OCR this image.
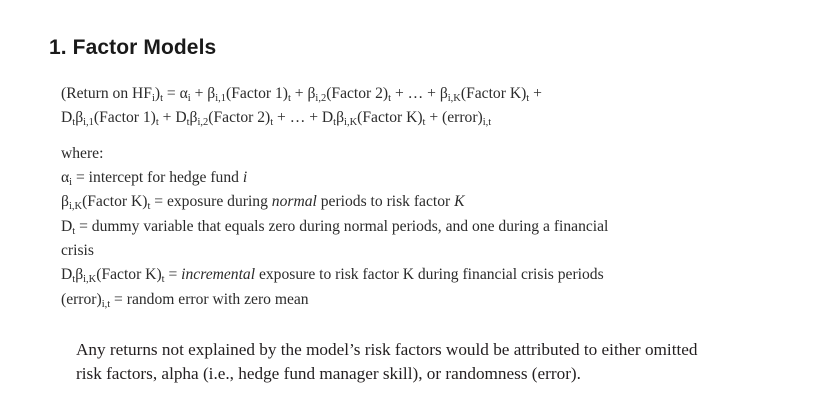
1. Factor Models
(Return on $HF_i)_t = \alpha_i$ + $\beta_{i,1}(Factor$ $1)_t$ + $\beta_{i,2}(Factor$ $2)_t$ + … + $\beta_{i,K}(Factor$ $K)_t$ +
$D_t\beta_{i,1}(Factor$ $1)_t$ + $D_t\beta_{i,2}(Factor$ $2)_t$ + … + $D_t\beta_{i,K}(Factor$ $K)_t$ + $(error)_{i,t}$
where:
$\alpha_i$ = intercept for hedge fund i
$\beta_{i,K}(Factor$ $K)_t$ = exposure during normal periods to risk factor K
$D_t$ = dummy variable that equals zero during normal periods, and one during a financial
crisis
$D_t\beta_{i,K}(Factor$ $K)_t$ = incremental exposure to risk factor K during financial crisis periods
$(error)_{i,t}$ = random error with zero mean
Any returns not explained by the model’s risk factors would be attributed to either omitted
risk factors, alpha (i.e., hedge fund manager skill), or randomness (error).
